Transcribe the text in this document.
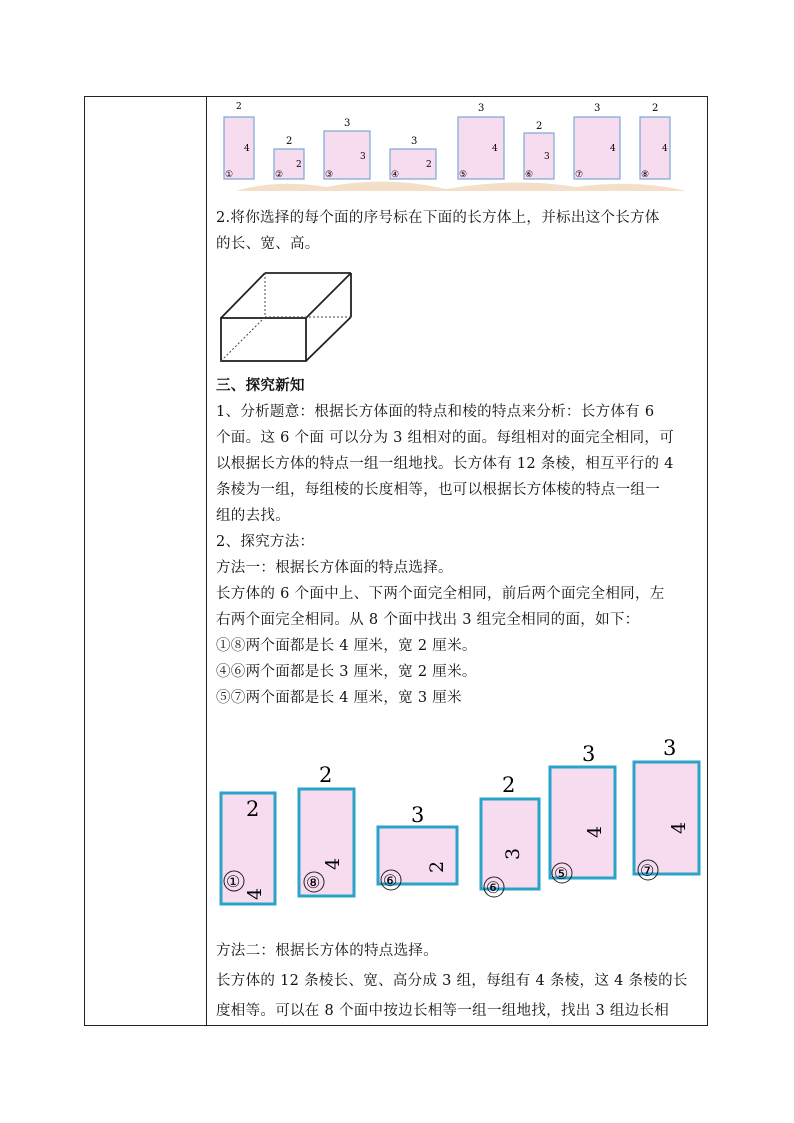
2
4
①
2
2
②
3
3
③
3
2
④
3
4
⑤
2
3
⑥
3
4
⑦
2
4
⑧
2.将你选择的每个面的序号标在下面的长方体上，并标出这个长方体
的长、宽、高。
三、探究新知
1、分析题意：根据长方体面的特点和棱的特点来分析：长方体有 6
个面。这 6 个面 可以分为 3 组相对的面。每组相对的面完全相同，可
以根据长方体的特点一组一组地找。长方体有 12 条棱，相互平行的 4
条棱为一组，每组棱的长度相等，也可以根据长方体棱的特点一组一
组的去找。
2、探究方法：
方法一：根据长方体面的特点选择。
长方体的 6 个面中上、下两个面完全相同，前后两个面完全相同，左
右两个面完全相同。从 8 个面中找出 3 组完全相同的面，如下：
①⑧两个面都是长 4 厘米，宽 2 厘米。
④⑥两个面都是长 3 厘米，宽 2 厘米。
⑤⑦两个面都是长 4 厘米，宽 3 厘米
2
4
①
2
4
⑧
3
2
⑥
2
3
⑥
3
4
⑤
3
4
⑦
方法二：根据长方体的特点选择。
长方体的 12 条棱长、宽、高分成 3 组，每组有 4 条棱，这 4 条棱的长
度相等。可以在 8 个面中按边长相等一组一组地找，找出 3 组边长相
